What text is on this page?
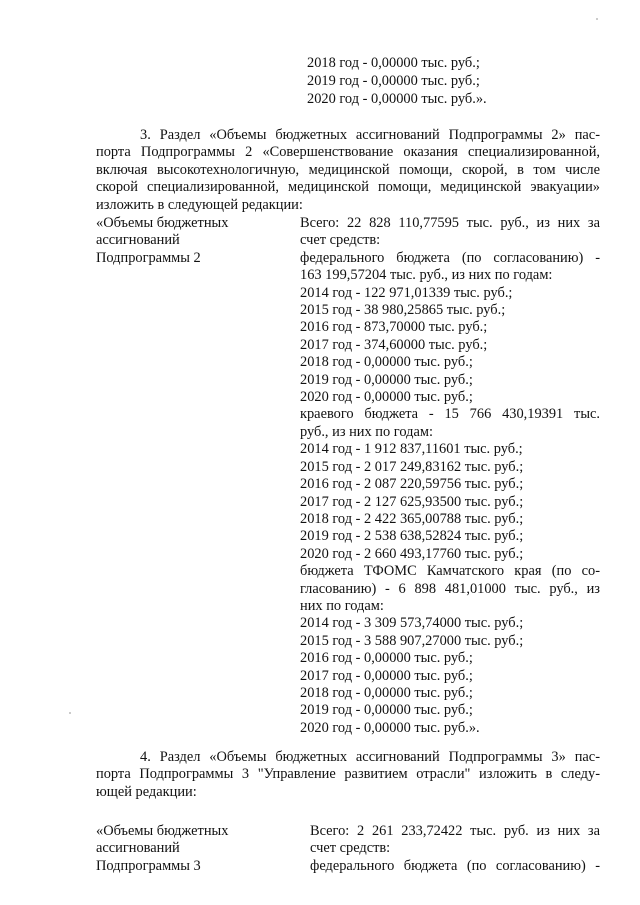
2018 год - 0,00000 тыс. руб.;
2019 год - 0,00000 тыс. руб.;
2020 год - 0,00000 тыс. руб.».
3. Раздел «Объемы бюджетных ассигнований Подпрограммы 2» пас-
порта Подпрограммы 2 «Совершенствование оказания специализированной,
включая высокотехнологичную, медицинской помощи, скорой, в том числе
скорой специализированной, медицинской помощи, медицинской эвакуации»
изложить в следующей редакции:
«Объемы бюджетных
ассигнований
Подпрограммы 2
Всего: 22 828 110,77595 тыс. руб., из них за
счет средств:
федерального бюджета (по согласованию) -
163 199,57204 тыс. руб., из них по годам:
2014 год - 122 971,01339 тыс. руб.;
2015 год - 38 980,25865 тыс. руб.;
2016 год - 873,70000 тыс. руб.;
2017 год - 374,60000 тыс. руб.;
2018 год - 0,00000 тыс. руб.;
2019 год - 0,00000 тыс. руб.;
2020 год - 0,00000 тыс. руб.;
краевого бюджета - 15 766 430,19391 тыс.
руб., из них по годам:
2014 год - 1 912 837,11601 тыс. руб.;
2015 год - 2 017 249,83162 тыс. руб.;
2016 год - 2 087 220,59756 тыс. руб.;
2017 год - 2 127 625,93500 тыс. руб.;
2018 год - 2 422 365,00788 тыс. руб.;
2019 год - 2 538 638,52824 тыс. руб.;
2020 год - 2 660 493,17760 тыс. руб.;
бюджета ТФОМС Камчатского края (по со-
гласованию) - 6 898 481,01000 тыс. руб., из
них по годам:
2014 год - 3 309 573,74000 тыс. руб.;
2015 год - 3 588 907,27000 тыс. руб.;
2016 год - 0,00000 тыс. руб.;
2017 год - 0,00000 тыс. руб.;
2018 год - 0,00000 тыс. руб.;
2019 год - 0,00000 тыс. руб.;
2020 год - 0,00000 тыс. руб.».
4. Раздел «Объемы бюджетных ассигнований Подпрограммы 3» пас-
порта Подпрограммы 3 "Управление развитием отрасли" изложить в следу-
ющей редакции:
«Объемы бюджетных
ассигнований
Подпрограммы 3
Всего: 2 261 233,72422 тыс. руб. из них за
счет средств:
федерального бюджета (по согласованию) -
